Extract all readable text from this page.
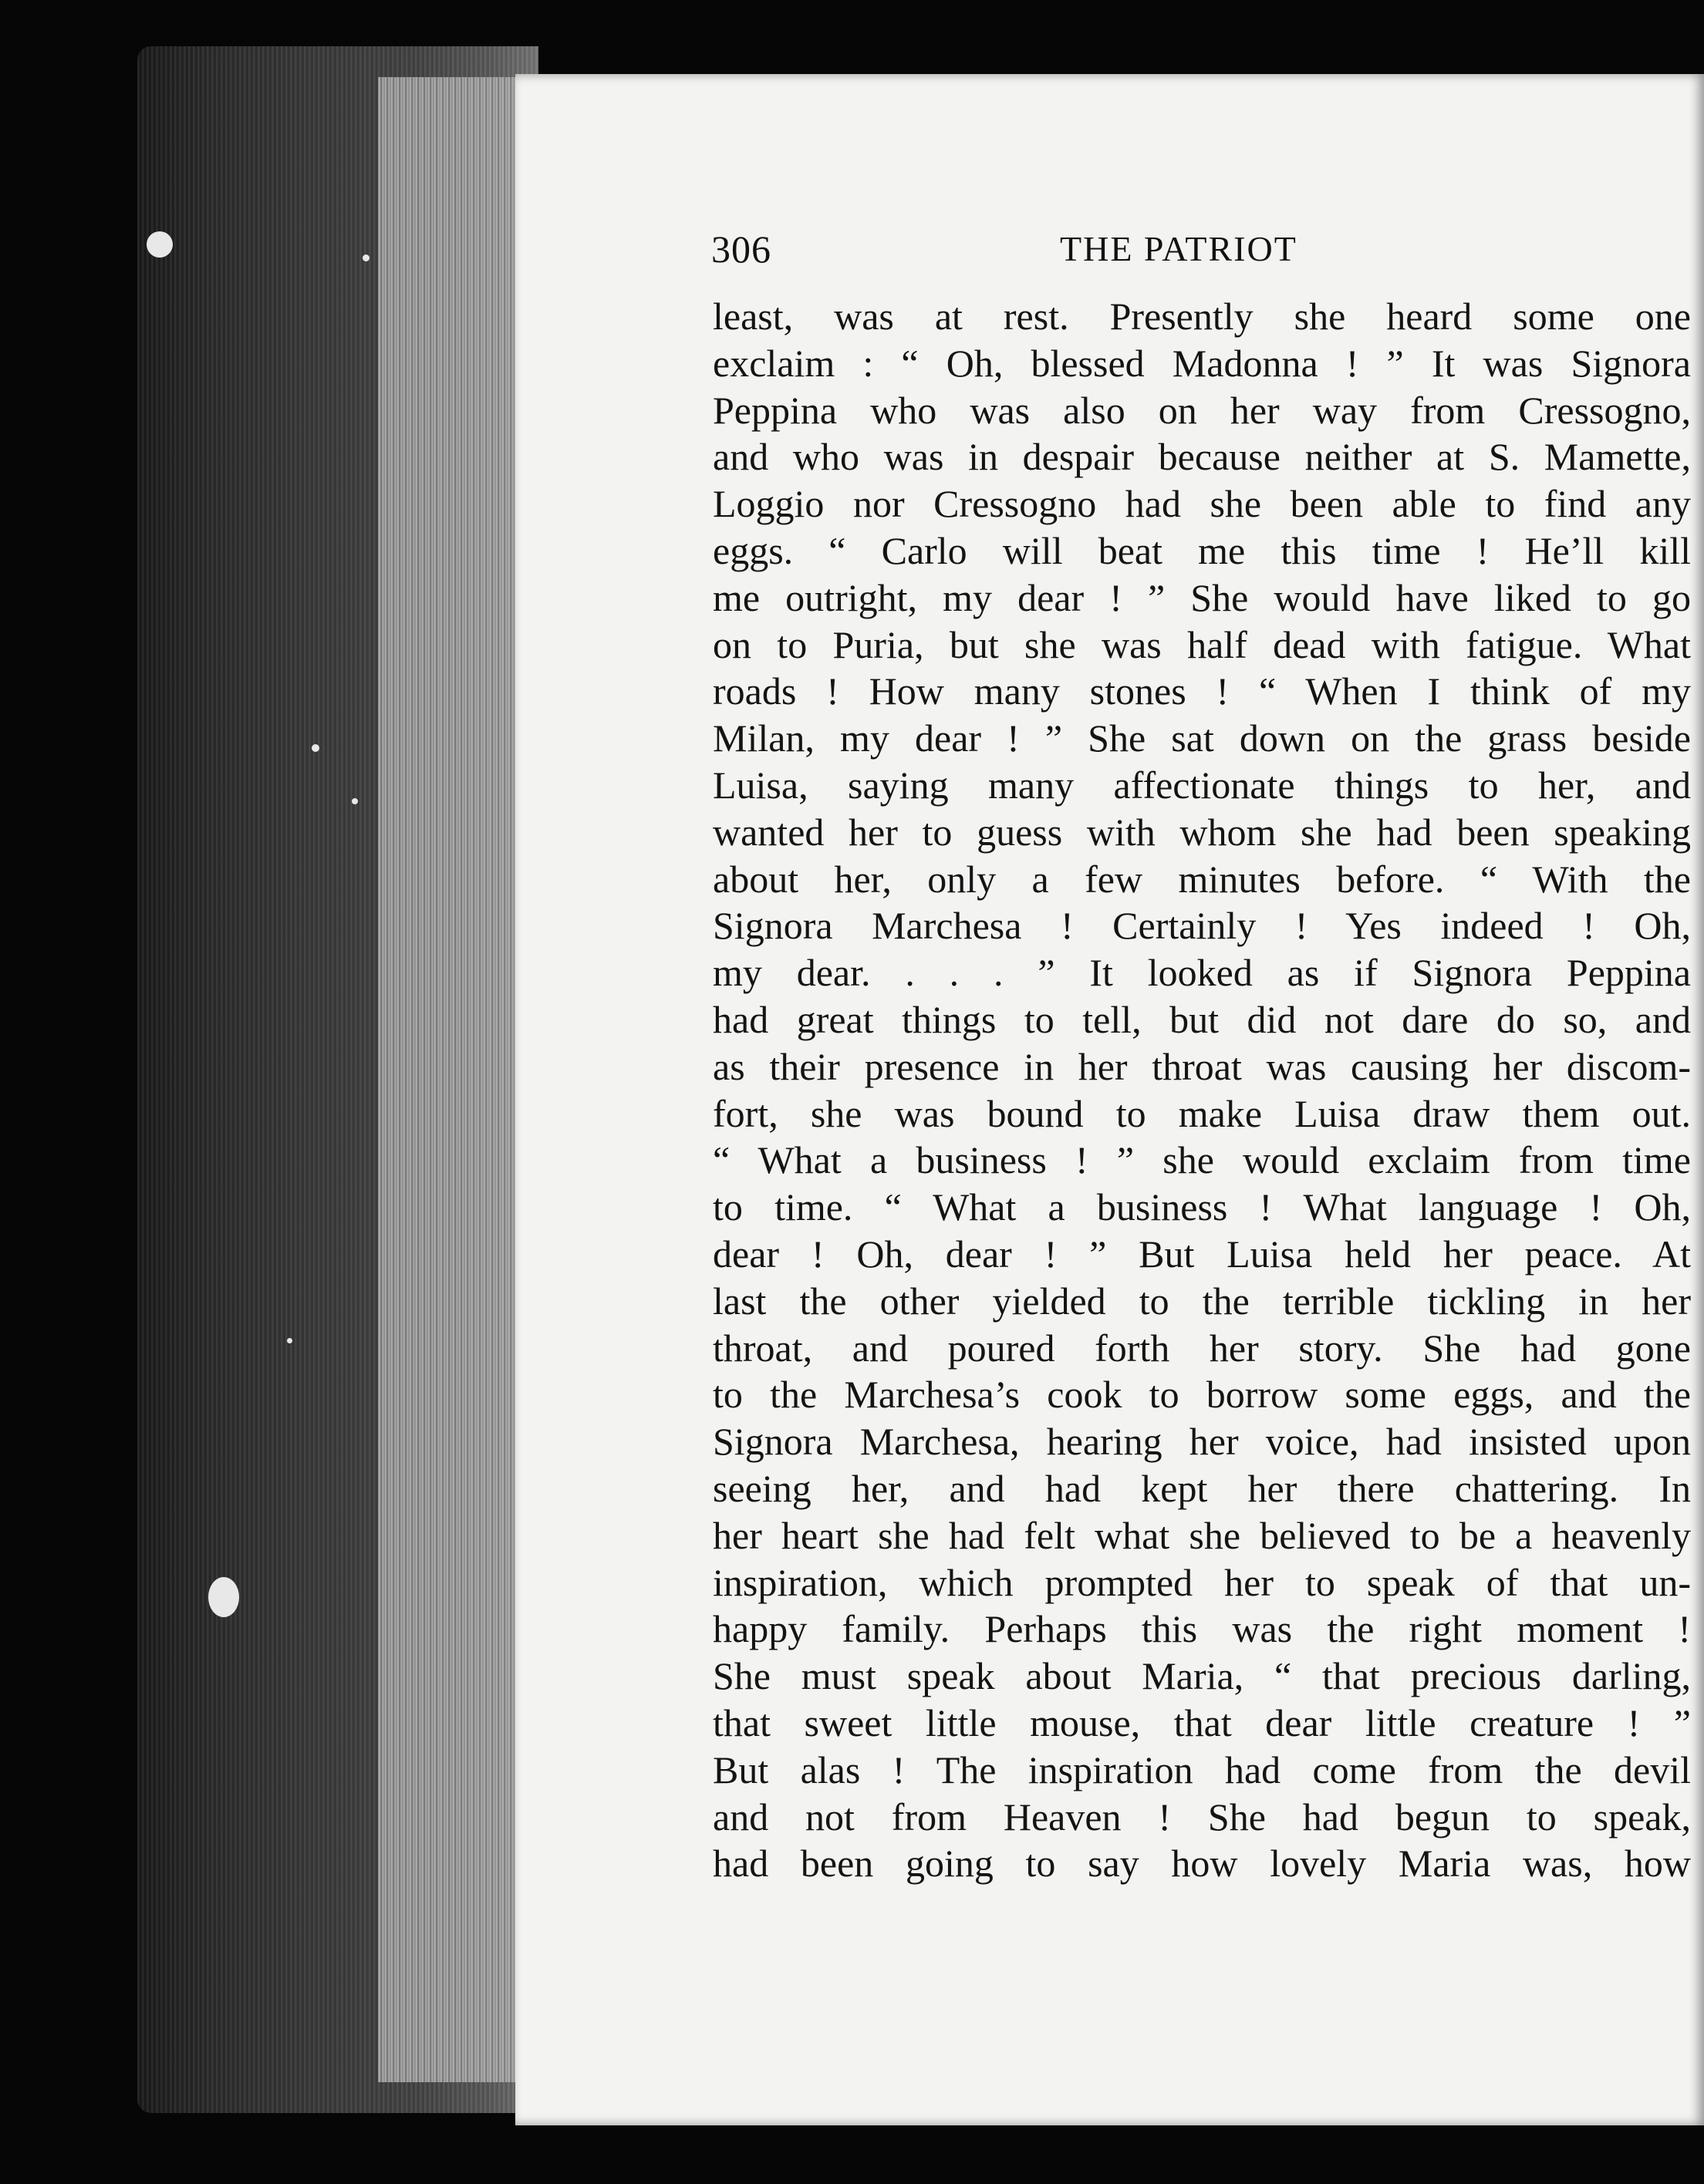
306	THE PATRIOT
least, was at rest. Presently she heard some one
exclaim : “ Oh, blessed Madonna ! ” It was Signora
Peppina who was also on her way from Cressogno,
and who was in despair because neither at S. Mamette,
Loggio nor Cressogno had she been able to find any
eggs. “ Carlo will beat me this time ! He’ll kill
me outright, my dear ! ” She would have liked to go
on to Puria, but she was half dead with fatigue. What
roads ! How many stones ! “ When I think of my
Milan, my dear ! ” She sat down on the grass beside
Luisa, saying many affectionate things to her, and
wanted her to guess with whom she had been speaking
about her, only a few minutes before. “ With the
Signora Marchesa ! Certainly ! Yes indeed ! Oh,
my dear. . . . ” It looked as if Signora Peppina
had great things to tell, but did not dare do so, and
as their presence in her throat was causing her discom-
fort, she was bound to make Luisa draw them out.
“ What a business ! ” she would exclaim from time
to time. “ What a business ! What language ! Oh,
dear ! Oh, dear ! ” But Luisa held her peace. At
last the other yielded to the terrible tickling in her
throat, and poured forth her story. She had gone
to the Marchesa’s cook to borrow some eggs, and the
Signora Marchesa, hearing her voice, had insisted upon
seeing her, and had kept her there chattering. In
her heart she had felt what she believed to be a heavenly
inspiration, which prompted her to speak of that un-
happy family. Perhaps this was the right moment !
She must speak about Maria, “ that precious darling,
that sweet little mouse, that dear little creature ! ”
But alas ! The inspiration had come from the devil
and not from Heaven ! She had begun to speak,
had been going to say how lovely Maria was, how
